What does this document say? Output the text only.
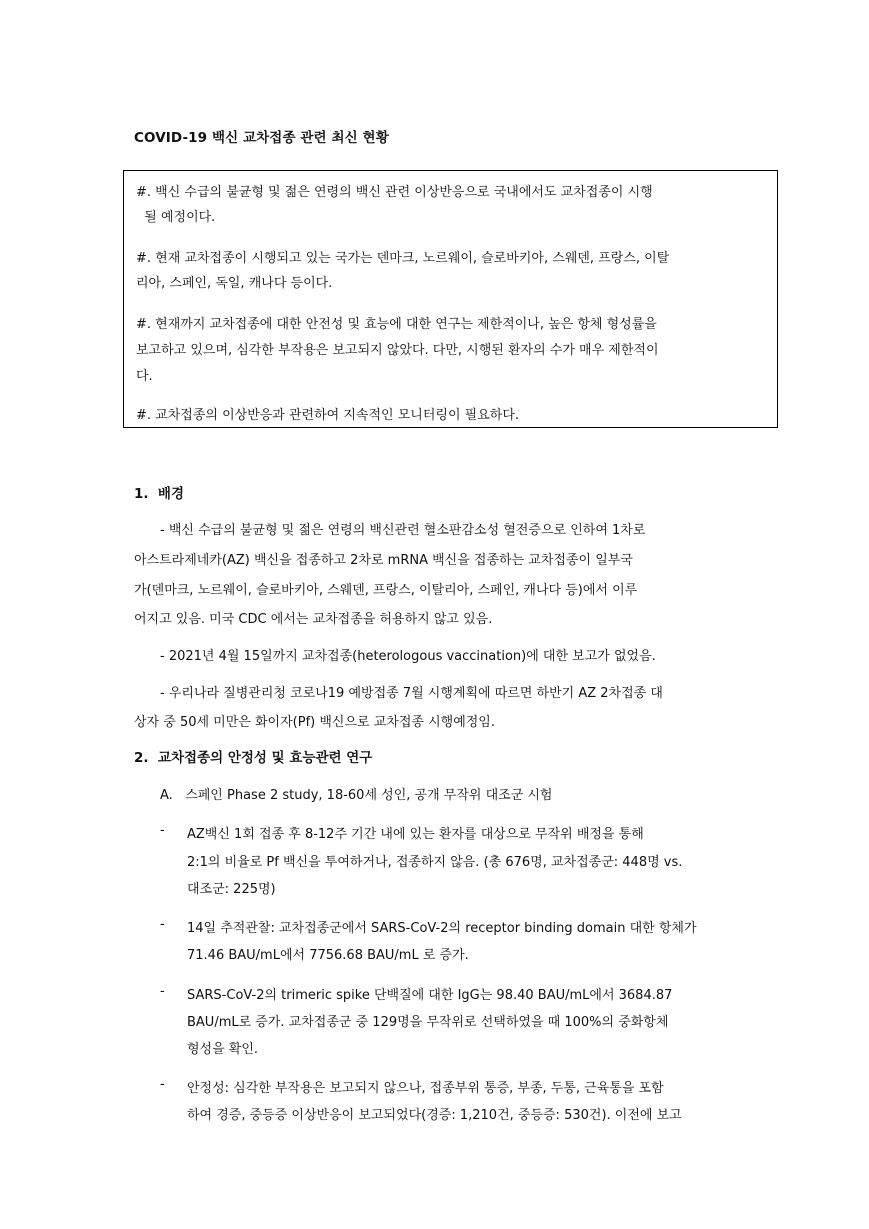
COVID-19 백신 교차접종 관련 최신 현황
#. 백신 수급의 불균형 및 젊은 연령의 백신 관련 이상반응으로 국내에서도 교차접종이 시행
될 예정이다.
#. 현재 교차접종이 시행되고 있는 국가는 덴마크, 노르웨이, 슬로바키아, 스웨덴, 프랑스, 이탈
리아, 스페인, 독일, 캐나다 등이다.
#. 현재까지 교차접종에 대한 안전성 및 효능에 대한 연구는 제한적이나, 높은 항체 형성률을
보고하고 있으며, 심각한 부작용은 보고되지 않았다. 다만, 시행된 환자의 수가 매우 제한적이
다.
#. 교차접종의 이상반응과 관련하여 지속적인 모니터링이 필요하다.
1.  배경
- 백신 수급의 불균형 및 젊은 연령의 백신관련 혈소판감소성 혈전증으로 인하여 1차로
아스트라제네카(AZ) 백신을 접종하고 2차로 mRNA 백신을 접종하는 교차접종이 일부국
가(덴마크, 노르웨이, 슬로바키아, 스웨덴, 프랑스, 이탈리아, 스페인, 캐나다 등)에서 이루
어지고 있음. 미국 CDC 에서는 교차접종을 허용하지 않고 있음.
- 2021년 4월 15일까지 교차접종(heterologous vaccination)에 대한 보고가 없었음.
- 우리나라 질병관리청 코로나19 예방접종 7월 시행계획에 따르면 하반기 AZ 2차접종 대
상자 중 50세 미만은 화이자(Pf) 백신으로 교차접종 시행예정임.
2.  교차접종의 안정성 및 효능관련 연구
A.   스페인 Phase 2 study, 18-60세 성인, 공개 무작위 대조군 시험
- AZ백신 1회 접종 후 8-12주 기간 내에 있는 환자를 대상으로 무작위 배정을 통해
2:1의 비율로 Pf 백신을 투여하거나, 접종하지 않음. (총 676명, 교차접종군: 448명 vs.
대조군: 225명)
- 14일 추적관찰: 교차접종군에서 SARS-CoV-2의 receptor binding domain 대한 항체가
71.46 BAU/mL에서 7756.68 BAU/mL 로 증가.
- SARS-CoV-2의 trimeric spike 단백질에 대한 IgG는 98.40 BAU/mL에서 3684.87
BAU/mL로 증가. 교차접종군 중 129명을 무작위로 선택하였을 때 100%의 중화항체
형성을 확인.
- 안정성: 심각한 부작용은 보고되지 않으나, 접종부위 통증, 부종, 두통, 근육통을 포함
하여 경증, 중등증 이상반응이 보고되었다(경증: 1,210건, 중등증: 530건). 이전에 보고
